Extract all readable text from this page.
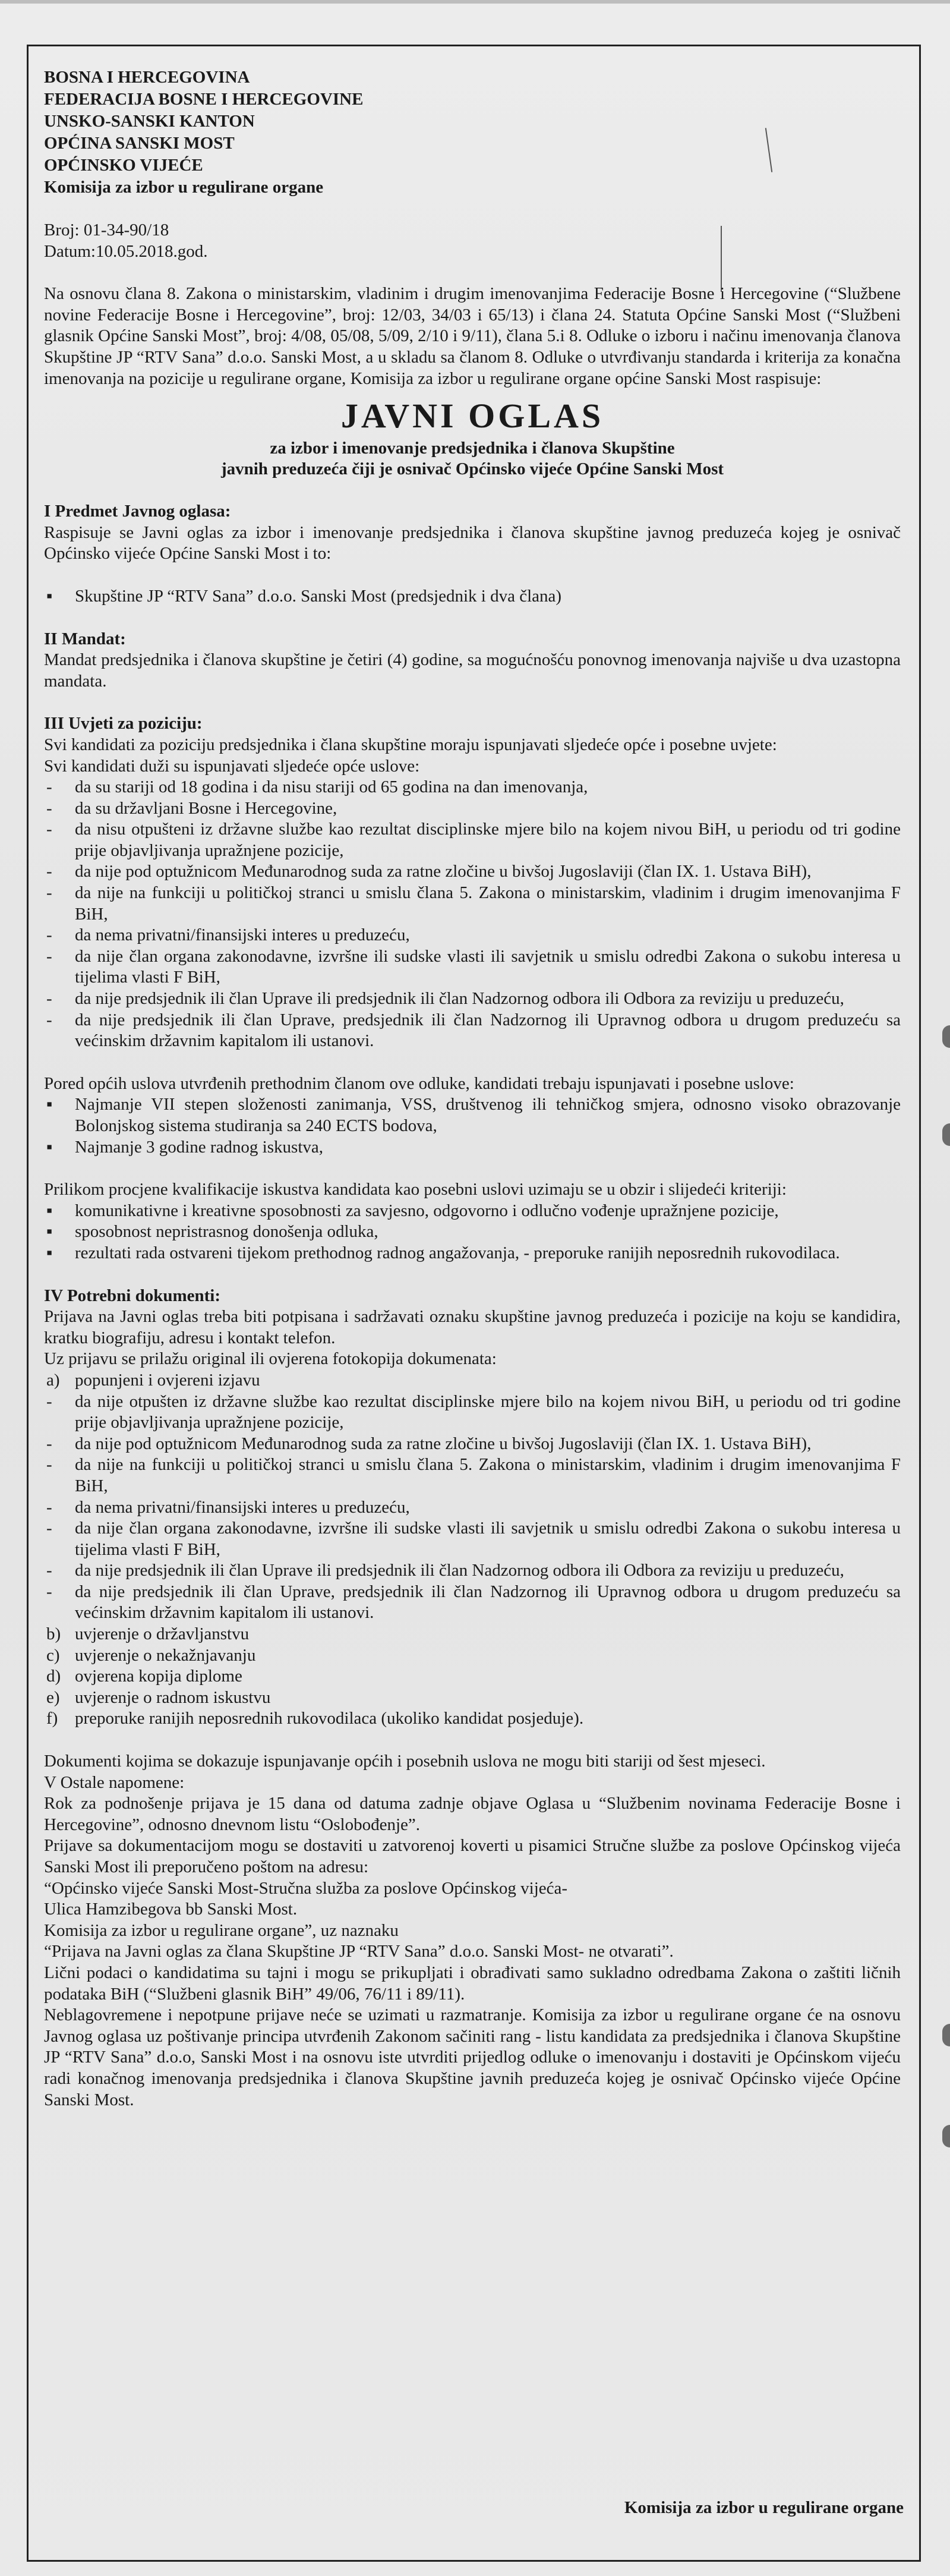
BOSNA I HERCEGOVINA

FEDERACIJA BOSNE I HERCEGOVINE

UNSKO-SANSKI KANTON

OPĆINA SANSKI MOST

OPĆINSKO VIJEĆE

Komisija za izbor u regulirane organe

Broj: 01-34-90/18

Datum:10.05.2018.god.

Na osnovu člana 8. Zakona o ministarskim, vladinim i drugim imenovanjima Federacije Bosne i Hercegovine (“Službene novine Federacije Bosne i Hercegovine”, broj: 12/03, 34/03 i 65/13) i člana 24. Statuta Općine Sanski Most (“Službeni glasnik Općine Sanski Most”, broj: 4/08, 05/08, 5/09, 2/10 i 9/11), člana 5.i 8. Odluke o izboru i načinu imenovanja članova Skupštine JP “RTV Sana” d.o.o. Sanski Most, a u skladu sa članom 8. Odluke o utvrđivanju standarda i kriterija za konačna imenovanja na pozicije u regulirane organe, Komisija za izbor u regulirane organe općine Sanski Most raspisuje:

JAVNI OGLAS

za izbor i imenovanje predsjednika i članova Skupštine

javnih preduzeća čiji je osnivač Općinsko vijeće Općine Sanski Most

I Predmet Javnog oglasa:

Raspisuje se Javni oglas za izbor i imenovanje predsjednika i članova skupštine javnog preduzeća kojeg je osnivač Općinsko vijeće Općine Sanski Most i to:

▪ Skupštine JP “RTV Sana” d.o.o. Sanski Most (predsjednik i dva člana)

II Mandat:

Mandat predsjednika i članova skupštine je četiri (4) godine, sa mogućnošću ponovnog imenovanja najviše u dva uzastopna mandata.

III Uvjeti za poziciju:

Svi kandidati za poziciju predsjednika i člana skupštine moraju ispunjavati sljedeće opće i posebne uvjete:

Svi kandidati duži su ispunjavati sljedeće opće uslove:

- da su stariji od 18 godina i da nisu stariji od 65 godina na dan imenovanja,

- da su državljani Bosne i Hercegovine,

- da nisu otpušteni iz državne službe kao rezultat disciplinske mjere bilo na kojem nivou BiH, u periodu od tri godine prije objavljivanja upražnjene pozicije,

- da nije pod optužnicom Međunarodnog suda za ratne zločine u bivšoj Jugoslaviji (član IX. 1. Ustava BiH),

- da nije na funkciji u političkoj stranci u smislu člana 5. Zakona o ministarskim, vladinim i drugim imenovanjima F BiH,

- da nema privatni/finansijski interes u preduzeću,

- da nije član organa zakonodavne, izvršne ili sudske vlasti ili savjetnik u smislu odredbi Zakona o sukobu interesa u tijelima vlasti F BiH,

- da nije predsjednik ili član Uprave ili predsjednik ili član Nadzornog odbora ili Odbora za reviziju u preduzeću,

- da nije predsjednik ili član Uprave, predsjednik ili član Nadzornog ili Upravnog odbora u drugom preduzeću sa većinskim državnim kapitalom ili ustanovi.

Pored općih uslova utvrđenih prethodnim članom ove odluke, kandidati trebaju ispunjavati i posebne uslove:

▪ Najmanje VII stepen složenosti zanimanja, VSS, društvenog ili tehničkog smjera, odnosno visoko obrazovanje Bolonjskog sistema studiranja sa 240 ECTS bodova,

▪ Najmanje 3 godine radnog iskustva,

Prilikom procjene kvalifikacije iskustva kandidata kao posebni uslovi uzimaju se u obzir i slijedeći kriteriji:

▪ komunikativne i kreativne sposobnosti za savjesno, odgovorno i odlučno vođenje upražnjene pozicije,

▪ sposobnost nepristrasnog donošenja odluka,

▪ rezultati rada ostvareni tijekom prethodnog radnog angažovanja, - preporuke ranijih neposrednih rukovodilaca.

IV Potrebni dokumenti:

Prijava na Javni oglas treba biti potpisana i sadržavati oznaku skupštine javnog preduzeća i pozicije na koju se kandidira, kratku biografiju, adresu i kontakt telefon.

Uz prijavu se prilažu original ili ovjerena fotokopija dokumenata:

a) popunjeni i ovjereni izjavu

- da nije otpušten iz državne službe kao rezultat disciplinske mjere bilo na kojem nivou BiH, u periodu od tri godine prije objavljivanja upražnjene pozicije,

- da nije pod optužnicom Međunarodnog suda za ratne zločine u bivšoj Jugoslaviji (član IX. 1. Ustava BiH),

- da nije na funkciji u političkoj stranci u smislu člana 5. Zakona o ministarskim, vladinim i drugim imenovanjima F BiH,

- da nema privatni/finansijski interes u preduzeću,

- da nije član organa zakonodavne, izvršne ili sudske vlasti ili savjetnik u smislu odredbi Zakona o sukobu interesa u tijelima vlasti F BiH,

- da nije predsjednik ili član Uprave ili predsjednik ili član Nadzornog odbora ili Odbora za reviziju u preduzeću,

- da nije predsjednik ili član Uprave, predsjednik ili član Nadzornog ili Upravnog odbora u drugom preduzeću sa većinskim državnim kapitalom ili ustanovi.

b) uvjerenje o državljanstvu

c) uvjerenje o nekažnjavanju

d) ovjerena kopija diplome

e) uvjerenje o radnom iskustvu

f) preporuke ranijih neposrednih rukovodilaca (ukoliko kandidat posjeduje).

Dokumenti kojima se dokazuje ispunjavanje općih i posebnih uslova ne mogu biti stariji od šest mjeseci.

V Ostale napomene:

Rok za podnošenje prijava je 15 dana od datuma zadnje objave Oglasa u “Službenim novinama Federacije Bosne i Hercegovine”, odnosno dnevnom listu “Oslobođenje”.

Prijave sa dokumentacijom mogu se dostaviti u zatvorenoj koverti u pisamici Stručne službe za poslove Općinskog vijeća Sanski Most ili preporučeno poštom na adresu:

“Općinsko vijeće Sanski Most-Stručna služba za poslove Općinskog vijeća-

Ulica Hamzibegova bb Sanski Most.

Komisija za izbor u regulirane organe”, uz naznaku

“Prijava na Javni oglas za člana Skupštine JP “RTV Sana” d.o.o. Sanski Most- ne otvarati”.

Lični podaci o kandidatima su tajni i mogu se prikupljati i obrađivati samo sukladno odredbama Zakona o zaštiti ličnih podataka BiH (“Službeni glasnik BiH” 49/06, 76/11 i 89/11).

Neblagovremene i nepotpune prijave neće se uzimati u razmatranje. Komisija za izbor u regulirane organe će na osnovu Javnog oglasa uz poštivanje principa utvrđenih Zakonom sačiniti rang - listu kandidata za predsjednika i članova Skupštine JP “RTV Sana” d.o.o, Sanski Most i na osnovu iste utvrditi prijedlog odluke o imenovanju i dostaviti je Općinskom vijeću radi konačnog imenovanja predsjednika i članova Skupštine javnih preduzeća kojeg je osnivač Općinsko vijeće Općine Sanski Most.

Komisija za izbor u regulirane organe
